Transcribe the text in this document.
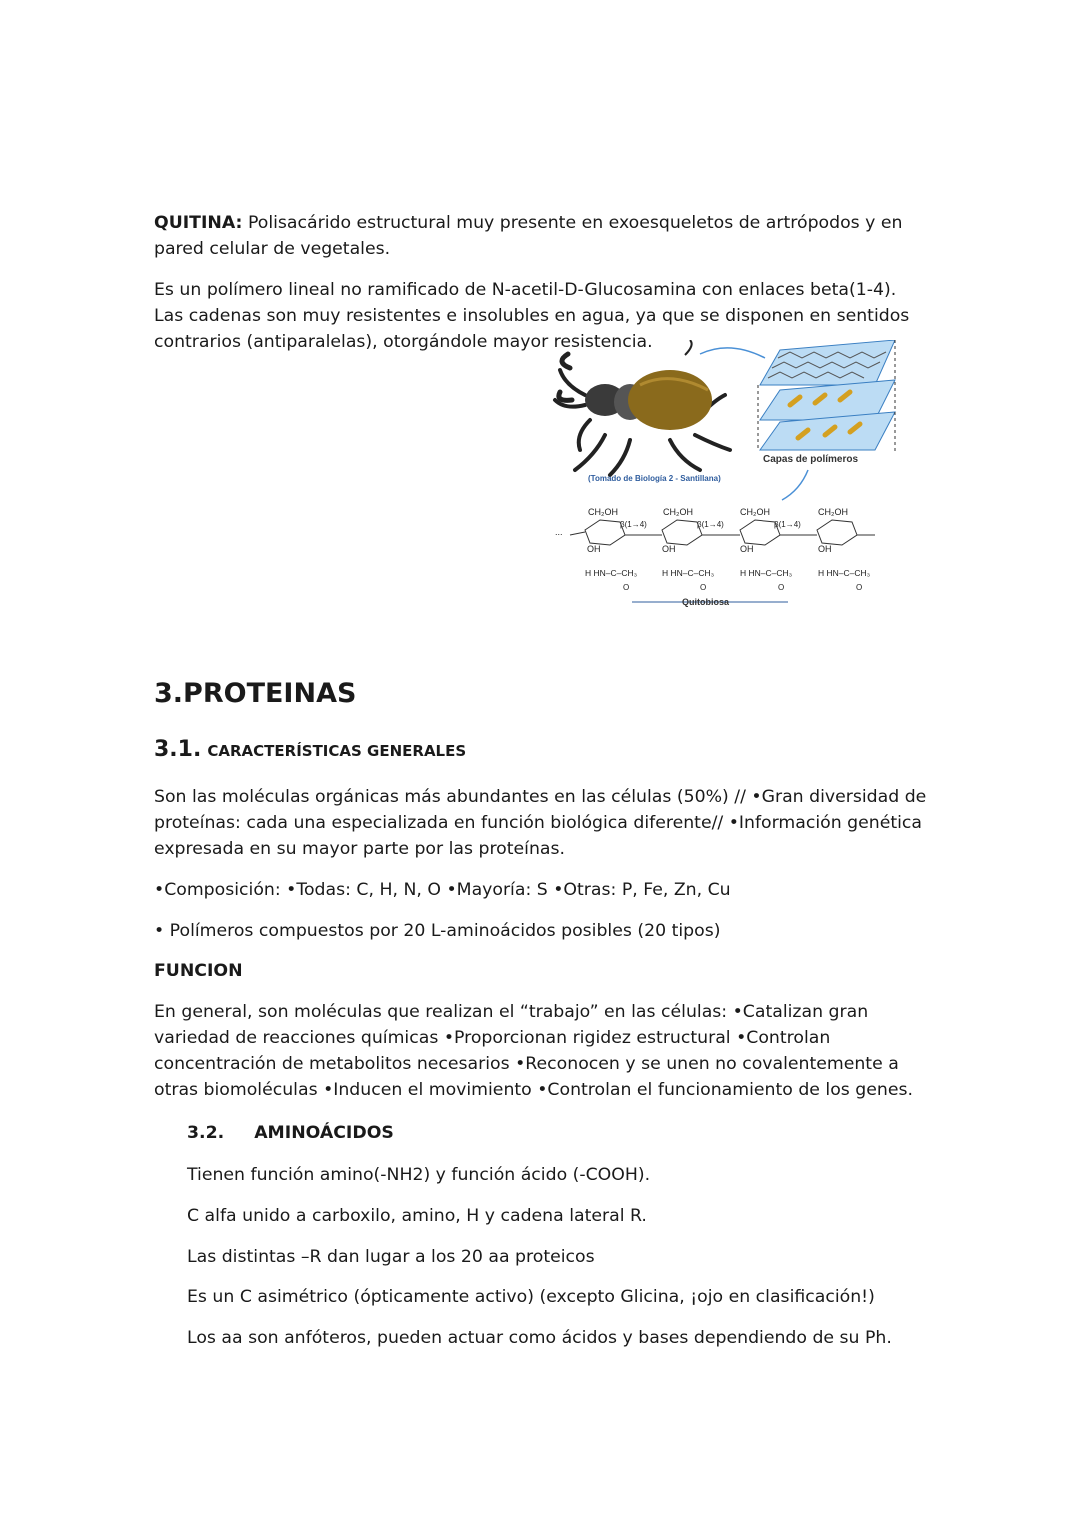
QUITINA: Polisacárido estructural muy presente en exoesqueletos de artrópodos y en pared celular de vegetales.

Es un polímero lineal no ramificado de N-acetil-D-Glucosamina con enlaces beta(1-4). Las cadenas son muy resistentes e insolubles en agua, ya que se disponen en sentidos contrarios (antiparalelas), otorgándole mayor resistencia.

Capas de polímeros
(Tomado de Biología 2 - Santillana)
...
CH₂OH
β(1→4)
CH₂OH
β(1→4)
CH₂OH
β(1→4)
CH₂OH
OH	OH	OH	OH
H HN–C–CH₃	H HN–C–CH₃	H HN–C–CH₃	H HN–C–CH₃
O	O	O	O
Quitobiosa
3.PROTEINAS
3.1. CARACTERÍSTICAS GENERALES

Son las moléculas orgánicas más abundantes en las células (50%) // •Gran diversidad de proteínas: cada una especializada en función biológica diferente// •Información genética expresada en su mayor parte por las proteínas.

•Composición: •Todas: C, H, N, O •Mayoría: S •Otras: P, Fe, Zn, Cu

• Polímeros compuestos por 20 L-aminoácidos posibles (20 tipos)

FUNCION

En general, son moléculas que realizan el “trabajo” en las células: •Catalizan gran variedad de reacciones químicas •Proporcionan rigidez estructural •Controlan concentración de metabolitos necesarios •Reconocen y se unen no covalentemente a otras biomoléculas •Inducen el movimiento •Controlan el funcionamiento de los genes.

3.2. AMINOÁCIDOS

Tienen función amino(-NH2) y función ácido (-COOH).

C alfa unido a carboxilo, amino, H y cadena lateral R.

Las distintas –R dan lugar a los 20 aa proteicos

Es un C asimétrico (ópticamente activo) (excepto Glicina, ¡ojo en clasificación!)

Los aa son anfóteros, pueden actuar como ácidos y bases dependiendo de su Ph.
